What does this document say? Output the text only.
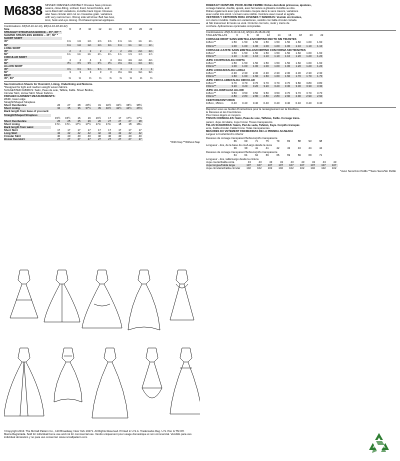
M6838 MISSES' DRESSES AND BELT: Dresses have princess
seams, close-fitting, unlined, lined, boned bodice, and
semi-fitted skirt variations, invisible back zipper. Dresses
also have circular skirt cut on crosswise grain, variations
with very narrow hem. Wrong side will show. Belt has bow,
knot, hook and eye closing. Purchased optional appliques.
Combinations: A5(6-8-10-12-14), E5(14-16-18-20-22)
Size	6	8	10	12	14	16	18	20	22
STRAIGHT STRAPLESS BODICE – 45", 60" *									
SHAPED STRAPLESS BODICE – 45", 60" *									
SHORT SKIRT									
45"	1⅝	1⅝	1⅝	1⅝	1⅝	1⅝	1¾	1¾	1¾
60"	1⅛	1⅛	1⅛	1⅛	1⅛	1⅛	1¼	1¼	1¼
LONG SKIRT									
45"	2	2	2	2	2	2	2⅛	2⅛	2⅛
60"	1¾	1¾	1¾	1¾	1¾	1¾	1⅞	1⅞	1⅞
CIRCULAR SKIRT									
45"	4	4	4	4	4	4⅛	4⅛	4⅛	4⅛
60"	3½	3½	3½	3½	3½	3⅝	3⅝	3⅝	3⅝
HI-LOW SKIRT									
45"	3⅞	3⅞	3⅞	3⅞	3⅞	4	4	4	4
60"	3	3	3	3	3	3⅛	3⅛	3⅛	3⅛
BELT									
45", 60"	⅜	⅜	⅜	⅜	⅜	⅜	⅜	⅜	⅜
See Instruction Sheets for Overskirt, Lining, Underlining and Notions.
*Designed for light and medium weight woven fabrics.
SUGGESTED FABRICS: Satin, Peau de soie, Taffeta, Faille. Sheer Bodice,
Circular Skirt, Hi-low Skirt: Sheer Fabrics.
FINISHED GARMENT MEASUREMENTS:
Width, lower edge
Straight/Shaped Strapless
Short Overbodice	26	27	28	29½	31	32½	34½	36½	38½
Short Lining	34	35	36	37½	39	40½	42½	44½	46½
Back length from base of you neck									
Straight/Shaped Strapless									
	15½	15½	16	16	16½	17	17	17½	17½
Short Overbodice	25	25	25	26	26	27	27	27	28
Short Lining	17¼	17¼	17½	17½	17¾	17¾	18	18	18¼
Back length from waist									
Short Skirt	17	17	17	17	17	17	17	17	17
Long Skirt	42	42	42	42	42	42	42	42	42
Circular Skirt	40	40	40	40	40	40	40	40	40
Hi-low Overskirt	27	27	27	27	27	27	27	27	27
*With Nap **Without Nap
ROBES ET CEINTURE POUR JEUNE FEMME: Robes décolleté princesse, ajustées,
corsage baleiné, doublé, ajusté, avec fermeture à glissière invisible au dos.
Robes également avec jupe circulaire coupée dans le sens travers, variations
avec ourlet très étroit. L'envers sera visible. Ceinture avec noeud et agrafe.
VESTIDOS Y CINTURON PARA JOVENES Y SEÑORAS: Vestido sin tirantes,
con cierre invisible. Falda con variaciones, vestido con falda circular cortada
al hilo trasversal. El revés se verá. Cinturón con lazo, nudo y cierre de
corchete. Aplicaciones opcionales compradas.
Combinaisons: A5(6-8-10-12-14), E5(14-16-18-20-22)
TAILLES/TALLAS	6	8	10	12	14	16	18	20	22
CORSAGE DROIT SANS BRETELLES/CORPIÑO RECTO SIN TIRANTES
115cm**	1.50	1.50	1.50	1.50	1.50	1.50	1.60	1.60	1.60
150cm**	1.00	1.00	1.00	1.00	1.00	1.00	1.10	1.10	1.10
CORSAGE AJUSTÉ SANS BRETELLES/CORPIÑO CON FORMA SIN TIRANTES
115cm*	1.50	1.50	1.50	1.50	1.50	1.50	1.60	1.60	1.60
150cm**	1.10	1.10	1.10	1.10	1.10	1.10	1.20	1.20	1.20
JUPE COURTE/FALDA CORTA
115cm**	1.50	1.50	1.50	1.50	1.50	1.50	1.60	1.60	1.60
150cm**	1.00	1.00	1.00	1.00	1.00	1.00	1.20	1.20	1.20
JUPE LONGUE/FALDA LARGA
115cm**	2.30	2.30	2.30	2.30	2.30	2.30	2.30	2.30	2.30
150cm**	1.60	1.60	1.60	1.60	1.60	1.60	1.70	1.70	1.70
JUPE CIRCULAIRE/FALDA CIRCULAR
115cm**	3.70	3.70	3.70	3.70	3.70	3.70	3.80	3.80	3.80
150cm**	3.20	3.20	3.20	3.20	3.20	3.30	3.30	3.30	3.30
JUPE HI-LOW/FALDA HI-LOW
115cm**	3.50	3.50	3.50	3.50	3.50	3.70	3.70	3.70	3.70
150cm**	2.80	2.80	2.80	2.80	2.80	2.90	2.90	2.90	2.90
CEINTURE/CINTURON
115cm, 150cm	0.40	0.40	0.40	0.40	0.40	0.40	0.40	0.40	0.40
Reportez-vous au feuillet d'Instructions pour le renseignement sur la Doublure,
le Dessous et les Fournitures.
Pour tissus légers et moyens.
TISSUS CONSEILLÉS: Satin, Peau de soie, Taffetas, Faille. Corsage trans-
parent, Jupe circulaire, Jupe hi-low: Tissus transparents.
TELAS SUGERIDAS: Satén, Piel de seda, Tafetán, Faya. Corpiño transpar-
ente, Falda circular, Falda hi-low: Telas transparentes.
MESURES DU VÊTEMENT FINI/MEDIDAS DE LA PRENDA ACABADA
Largeur à l'ourlet/Ancho inferior
Dessous de corsage transparent/Sobrecorpiño transparente
	66	69	71	75	79	83	88	93	98
Longueur - dos, de la base du cou/Largo desde la nuca
	39	39	41	41	42	43	43	44	44
Dessous de corsage transparent/Sobrecorpiño transparente
	64	64	64	66	66	69	69	69	71
Longueur - dos, taille/Largo desde la cintura
Jupe courte/Falda corta	43	43	43	43	43	43	43	43	43
Jupe longue/Falda larga	107	107	107	107	107	107	107	107	107
Jupe circulaire/Falda circular	102	102	102	102	102	102	102	102	102
*Avec Sens/Con Pelillo **Sans Sens/Sin Pelillo
©Copyright 2013. The McCall Pattern Co., 120 Broadway, New York 10271. All Rights Reserved. Printed in U.S.A. Trademarks Reg. U.S. Pat. & TM Off.
Marca Registrada. Sold for individual home use and not for commercial use. Vendu uniquement pour usage domestique et non commercial. Vendido para uso
individual doméstico y no para uso comercial. www.mccallpattern.com
